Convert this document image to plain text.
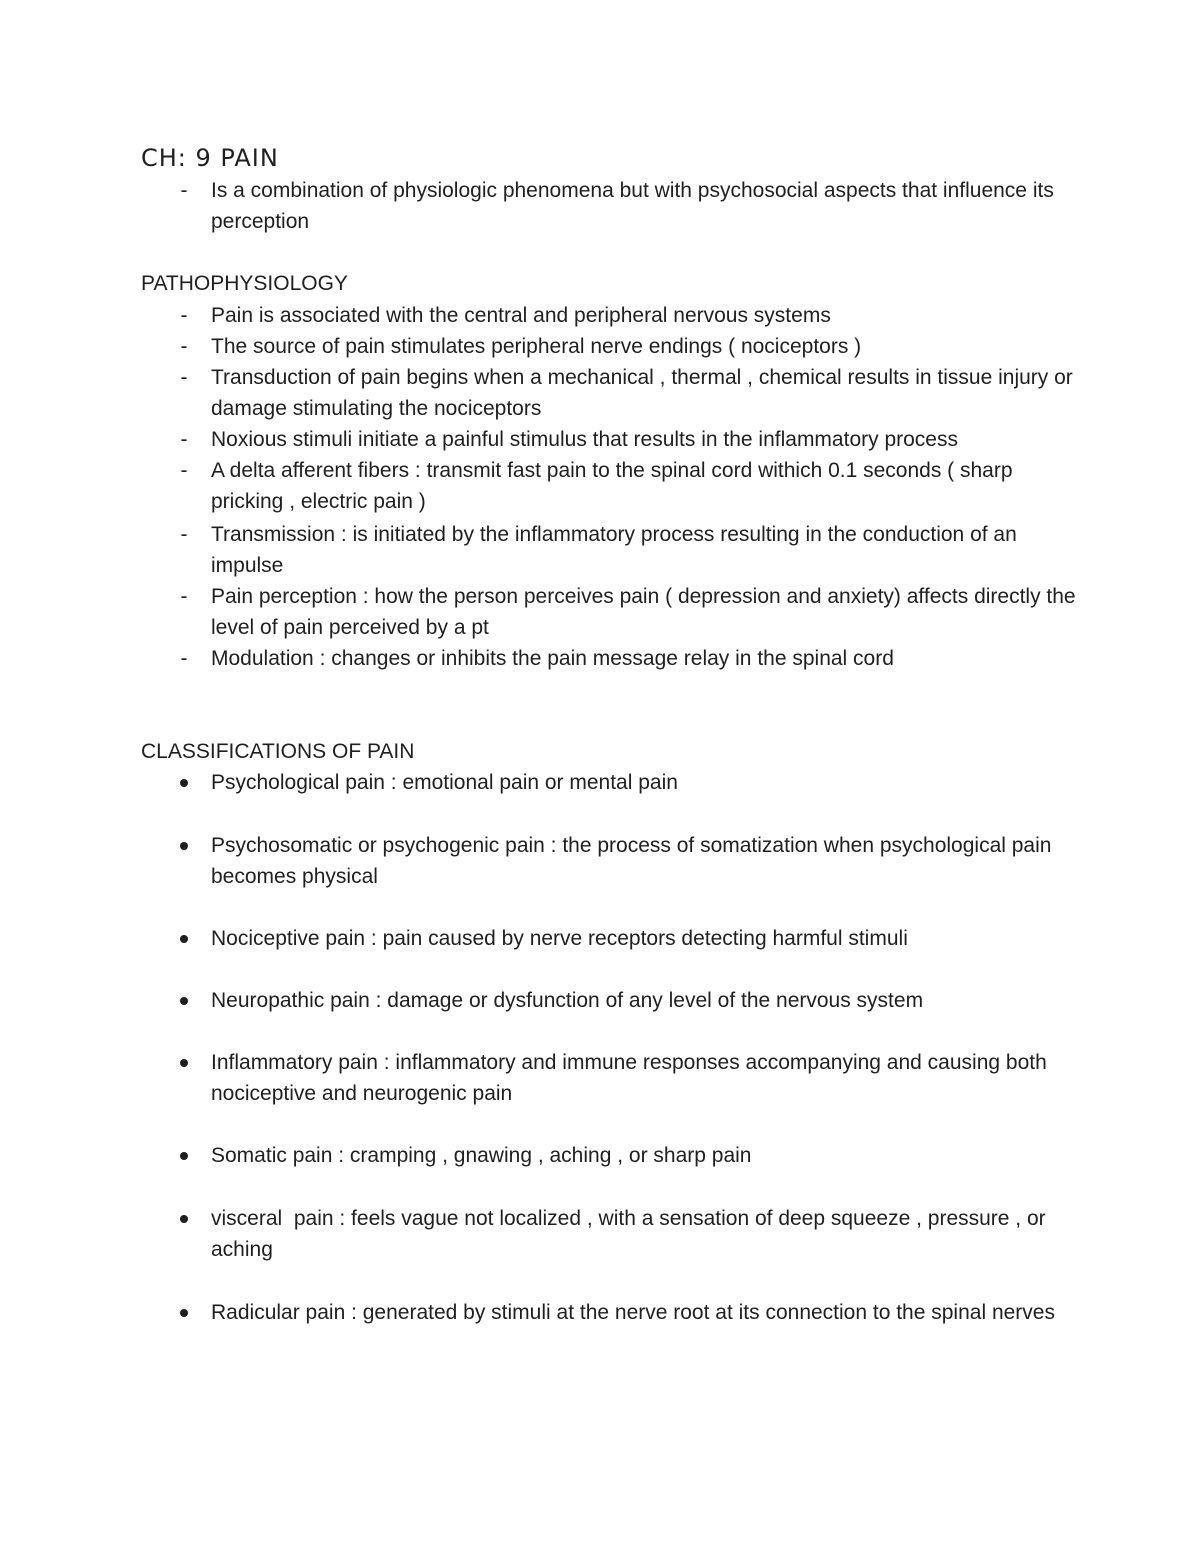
CH: 9 PAIN
-	Is a combination of physiologic phenomena but with psychosocial aspects that influence its perception
PATHOPHYSIOLOGY
-	Pain is associated with the central and peripheral nervous systems
-	The source of pain stimulates peripheral nerve endings ( nociceptors )
-	Transduction of pain begins when a mechanical , thermal , chemical results in tissue injury or damage stimulating the nociceptors
-	Noxious stimuli initiate a painful stimulus that results in the inflammatory process
-	A delta afferent fibers : transmit fast pain to the spinal cord withich 0.1 seconds ( sharp pricking , electric pain )
-	Transmission : is initiated by the inflammatory process resulting in the conduction of an impulse
-	Pain perception : how the person perceives pain ( depression and anxiety) affects directly the level of pain perceived by a pt
-	Modulation : changes or inhibits the pain message relay in the spinal cord
CLASSIFICATIONS OF PAIN
Psychological pain : emotional pain or mental pain
Psychosomatic or psychogenic pain : the process of somatization when psychological pain becomes physical
Nociceptive pain : pain caused by nerve receptors detecting harmful stimuli
Neuropathic pain : damage or dysfunction of any level of the nervous system
Inflammatory pain : inflammatory and immune responses accompanying and causing both nociceptive and neurogenic pain
Somatic pain : cramping , gnawing , aching , or sharp pain
visceral  pain : feels vague not localized , with a sensation of deep squeeze , pressure , or aching
Radicular pain : generated by stimuli at the nerve root at its connection to the spinal nerves
